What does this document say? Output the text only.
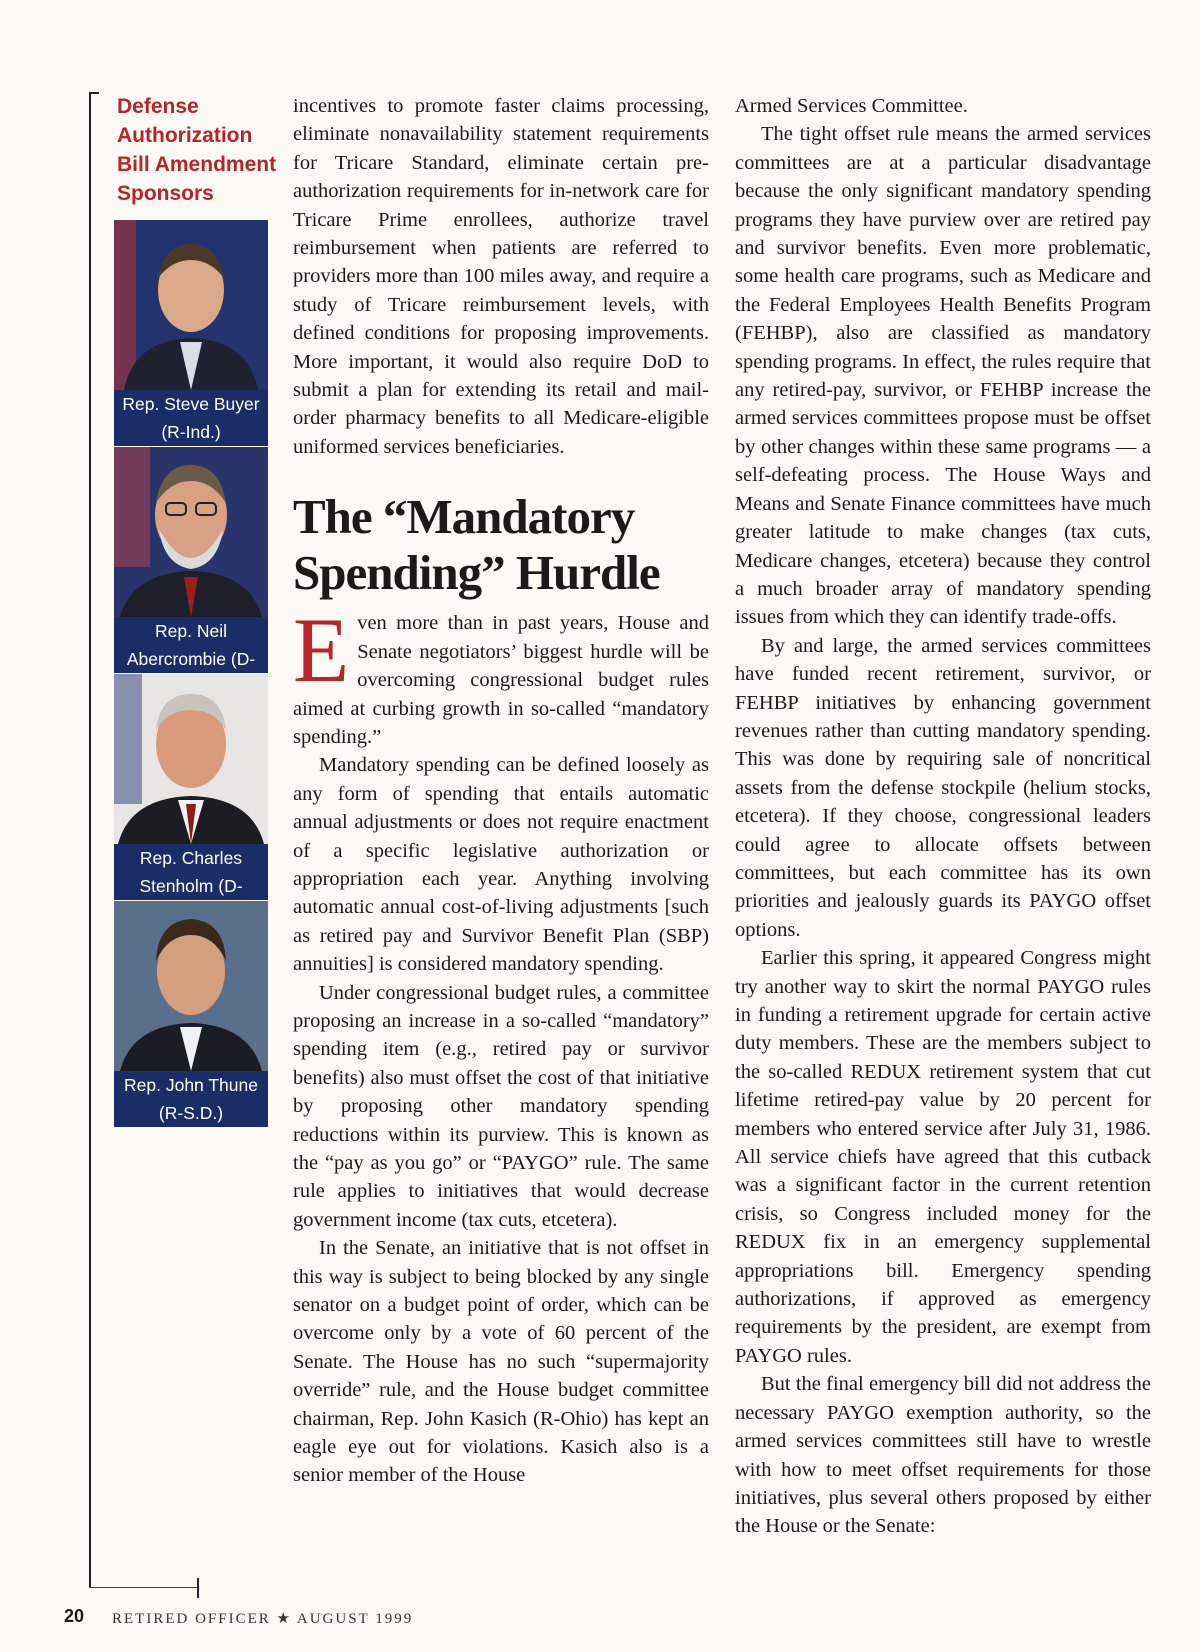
Defense Authorization Bill Amendment Sponsors
Rep. Steve Buyer
(R-Ind.)
Rep. Neil
Abercrombie (D-
Rep. Charles
Stenholm (D-
Rep. John Thune
(R-S.D.)

incentives to promote faster claims processing, eliminate nonavailability statement requirements for Tricare Standard, eliminate certain pre-authorization requirements for in-network care for Tricare Prime enrollees, authorize travel reimbursement when patients are referred to providers more than 100 miles away, and require a study of Tricare reimbursement levels, with defined conditions for proposing improvements. More important, it would also require DoD to submit a plan for extending its retail and mail-order pharmacy benefits to all Medicare-eligible uniformed services beneficiaries.

The “Mandatory Spending” Hurdle

Even more than in past years, House and Senate negotiators’ biggest hurdle will be overcoming congressional budget rules aimed at curbing growth in so-called “mandatory spending.”

Mandatory spending can be defined loosely as any form of spending that entails automatic annual adjustments or does not require enactment of a specific legislative authorization or appropriation each year. Anything involving automatic annual cost-of-living adjustments [such as retired pay and Survivor Benefit Plan (SBP) annuities] is considered mandatory spending.

Under congressional budget rules, a committee proposing an increase in a so-called “mandatory” spending item (e.g., retired pay or survivor benefits) also must offset the cost of that initiative by proposing other mandatory spending reductions within its purview. This is known as the “pay as you go” or “PAYGO” rule. The same rule applies to initiatives that would decrease government income (tax cuts, etcetera).

In the Senate, an initiative that is not offset in this way is subject to being blocked by any single senator on a budget point of order, which can be overcome only by a vote of 60 percent of the Senate. The House has no such “supermajority override” rule, and the House budget committee chairman, Rep. John Kasich (R-Ohio) has kept an eagle eye out for violations. Kasich also is a senior member of the House

Armed Services Committee.

The tight offset rule means the armed services committees are at a particular disadvantage because the only significant mandatory spending programs they have purview over are retired pay and survivor benefits. Even more problematic, some health care programs, such as Medicare and the Federal Employees Health Benefits Program (FEHBP), also are classified as mandatory spending programs. In effect, the rules require that any retired-pay, survivor, or FEHBP increase the armed services committees propose must be offset by other changes within these same programs — a self-defeating process. The House Ways and Means and Senate Finance committees have much greater latitude to make changes (tax cuts, Medicare changes, etcetera) because they control a much broader array of mandatory spending issues from which they can identify trade-offs.

By and large, the armed services committees have funded recent retirement, survivor, or FEHBP initiatives by enhancing government revenues rather than cutting mandatory spending. This was done by requiring sale of noncritical assets from the defense stockpile (helium stocks, etcetera). If they choose, congressional leaders could agree to allocate offsets between committees, but each committee has its own priorities and jealously guards its PAYGO offset options.

Earlier this spring, it appeared Congress might try another way to skirt the normal PAYGO rules in funding a retirement upgrade for certain active duty members. These are the members subject to the so-called REDUX retirement system that cut lifetime retired-pay value by 20 percent for members who entered service after July 31, 1986. All service chiefs have agreed that this cutback was a significant factor in the current retention crisis, so Congress included money for the REDUX fix in an emergency supplemental appropriations bill. Emergency spending authorizations, if approved as emergency requirements by the president, are exempt from PAYGO rules.

But the final emergency bill did not address the necessary PAYGO exemption authority, so the armed services committees still have to wrestle with how to meet offset requirements for those initiatives, plus several others proposed by either the House or the Senate:

20 RETIRED OFFICER ★ AUGUST 1999
